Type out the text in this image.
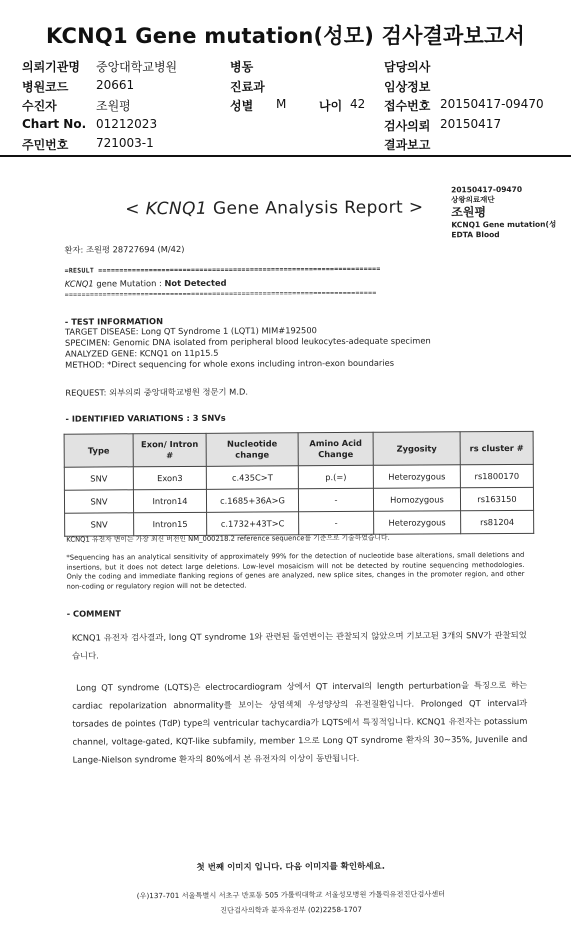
KCNQ1 Gene mutation(성모) 검사결과보고서
의뢰기관명 중앙대학교병원	병동	담당의사
병원코드 20661	진료과	임상정보
수진자	조원평	성별 M	나이 42 접수번호 20150417-09470
Chart No. 01212023	검사의뢰 20150417
주민번호 721003-1	결과보고
20150417-09470
상왕의료재단
조원평
KCNQ1 Gene mutation(성
EDTA Blood
< KCNQ1 Gene Analysis Report >
환자: 조원평 28727694 (M/42)
=RESULT ===================================================================
KCNQ1 gene Mutation : Not Detected
==========================================================================
- TEST INFORMATION
TARGET DISEASE: Long QT Syndrome 1 (LQT1) MIM#192500
SPECIMEN: Genomic DNA isolated from peripheral blood leukocytes-adequate specimen
ANALYZED GENE: KCNQ1 on 11p15.5
METHOD: *Direct sequencing for whole exons including intron-exon boundaries
REQUEST: 외부의뢰 중앙대학교병원 정문기 M.D.
- IDENTIFIED VARIATIONS : 3 SNVs
Type	Exon/ Intron #	Nucleotide change	Amino Acid Change	Zygosity	rs cluster #
SNV	Exon3	c.435C>T	p.(=)	Heterozygous	rs1800170
SNV	Intron14	c.1685+36A>G	-	Homozygous	rs163150
SNV	Intron15	c.1732+43T>C	-	Heterozygous	rs81204
KCNQ1 유전자 변이는 가장 최신 버전인 NM_000218.2 reference sequence를 기준으로 기술하였습니다.
*Sequencing has an analytical sensitivity of approximately 99% for the detection of nucleotide base alterations, small deletions and insertions, but it does not detect large deletions. Low-level mosaicism will not be detected by routine sequencing methodologies. Only the coding and immediate flanking regions of genes are analyzed, new splice sites, changes in the promoter region, and other non-coding or regulatory region will not be detected.
- COMMENT
KCNQ1 유전자 검사결과, long QT syndrome 1와 관련된 돌연변이는 관찰되지 않았으며 기보고된 3개의 SNV가 관찰되었습니다.
Long QT syndrome (LQTS)은 electrocardiogram 상에서 QT interval의 length perturbation을 특징으로 하는 cardiac repolarization abnormality를 보이는 상염색체 우성양상의 유전질환입니다. Prolonged QT interval과 torsades de pointes (TdP) type의 ventricular tachycardia가 LQTS에서 특징적입니다. KCNQ1 유전자는 potassium channel, voltage-gated, KQT-like subfamily, member 1으로 Long QT syndrome 환자의 30~35%, Juvenile and Lange-Nielson syndrome 환자의 80%에서 본 유전자의 이상이 동반됩니다.
첫 번째 이미지 입니다. 다음 이미지를 확인하세요.
(우)137-701 서울특별시 서초구 반포동 505 가톨릭대학교 서울성모병원 가톨릭유전진단검사센터
진단검사의학과 분자유전부 (02)2258-1707
